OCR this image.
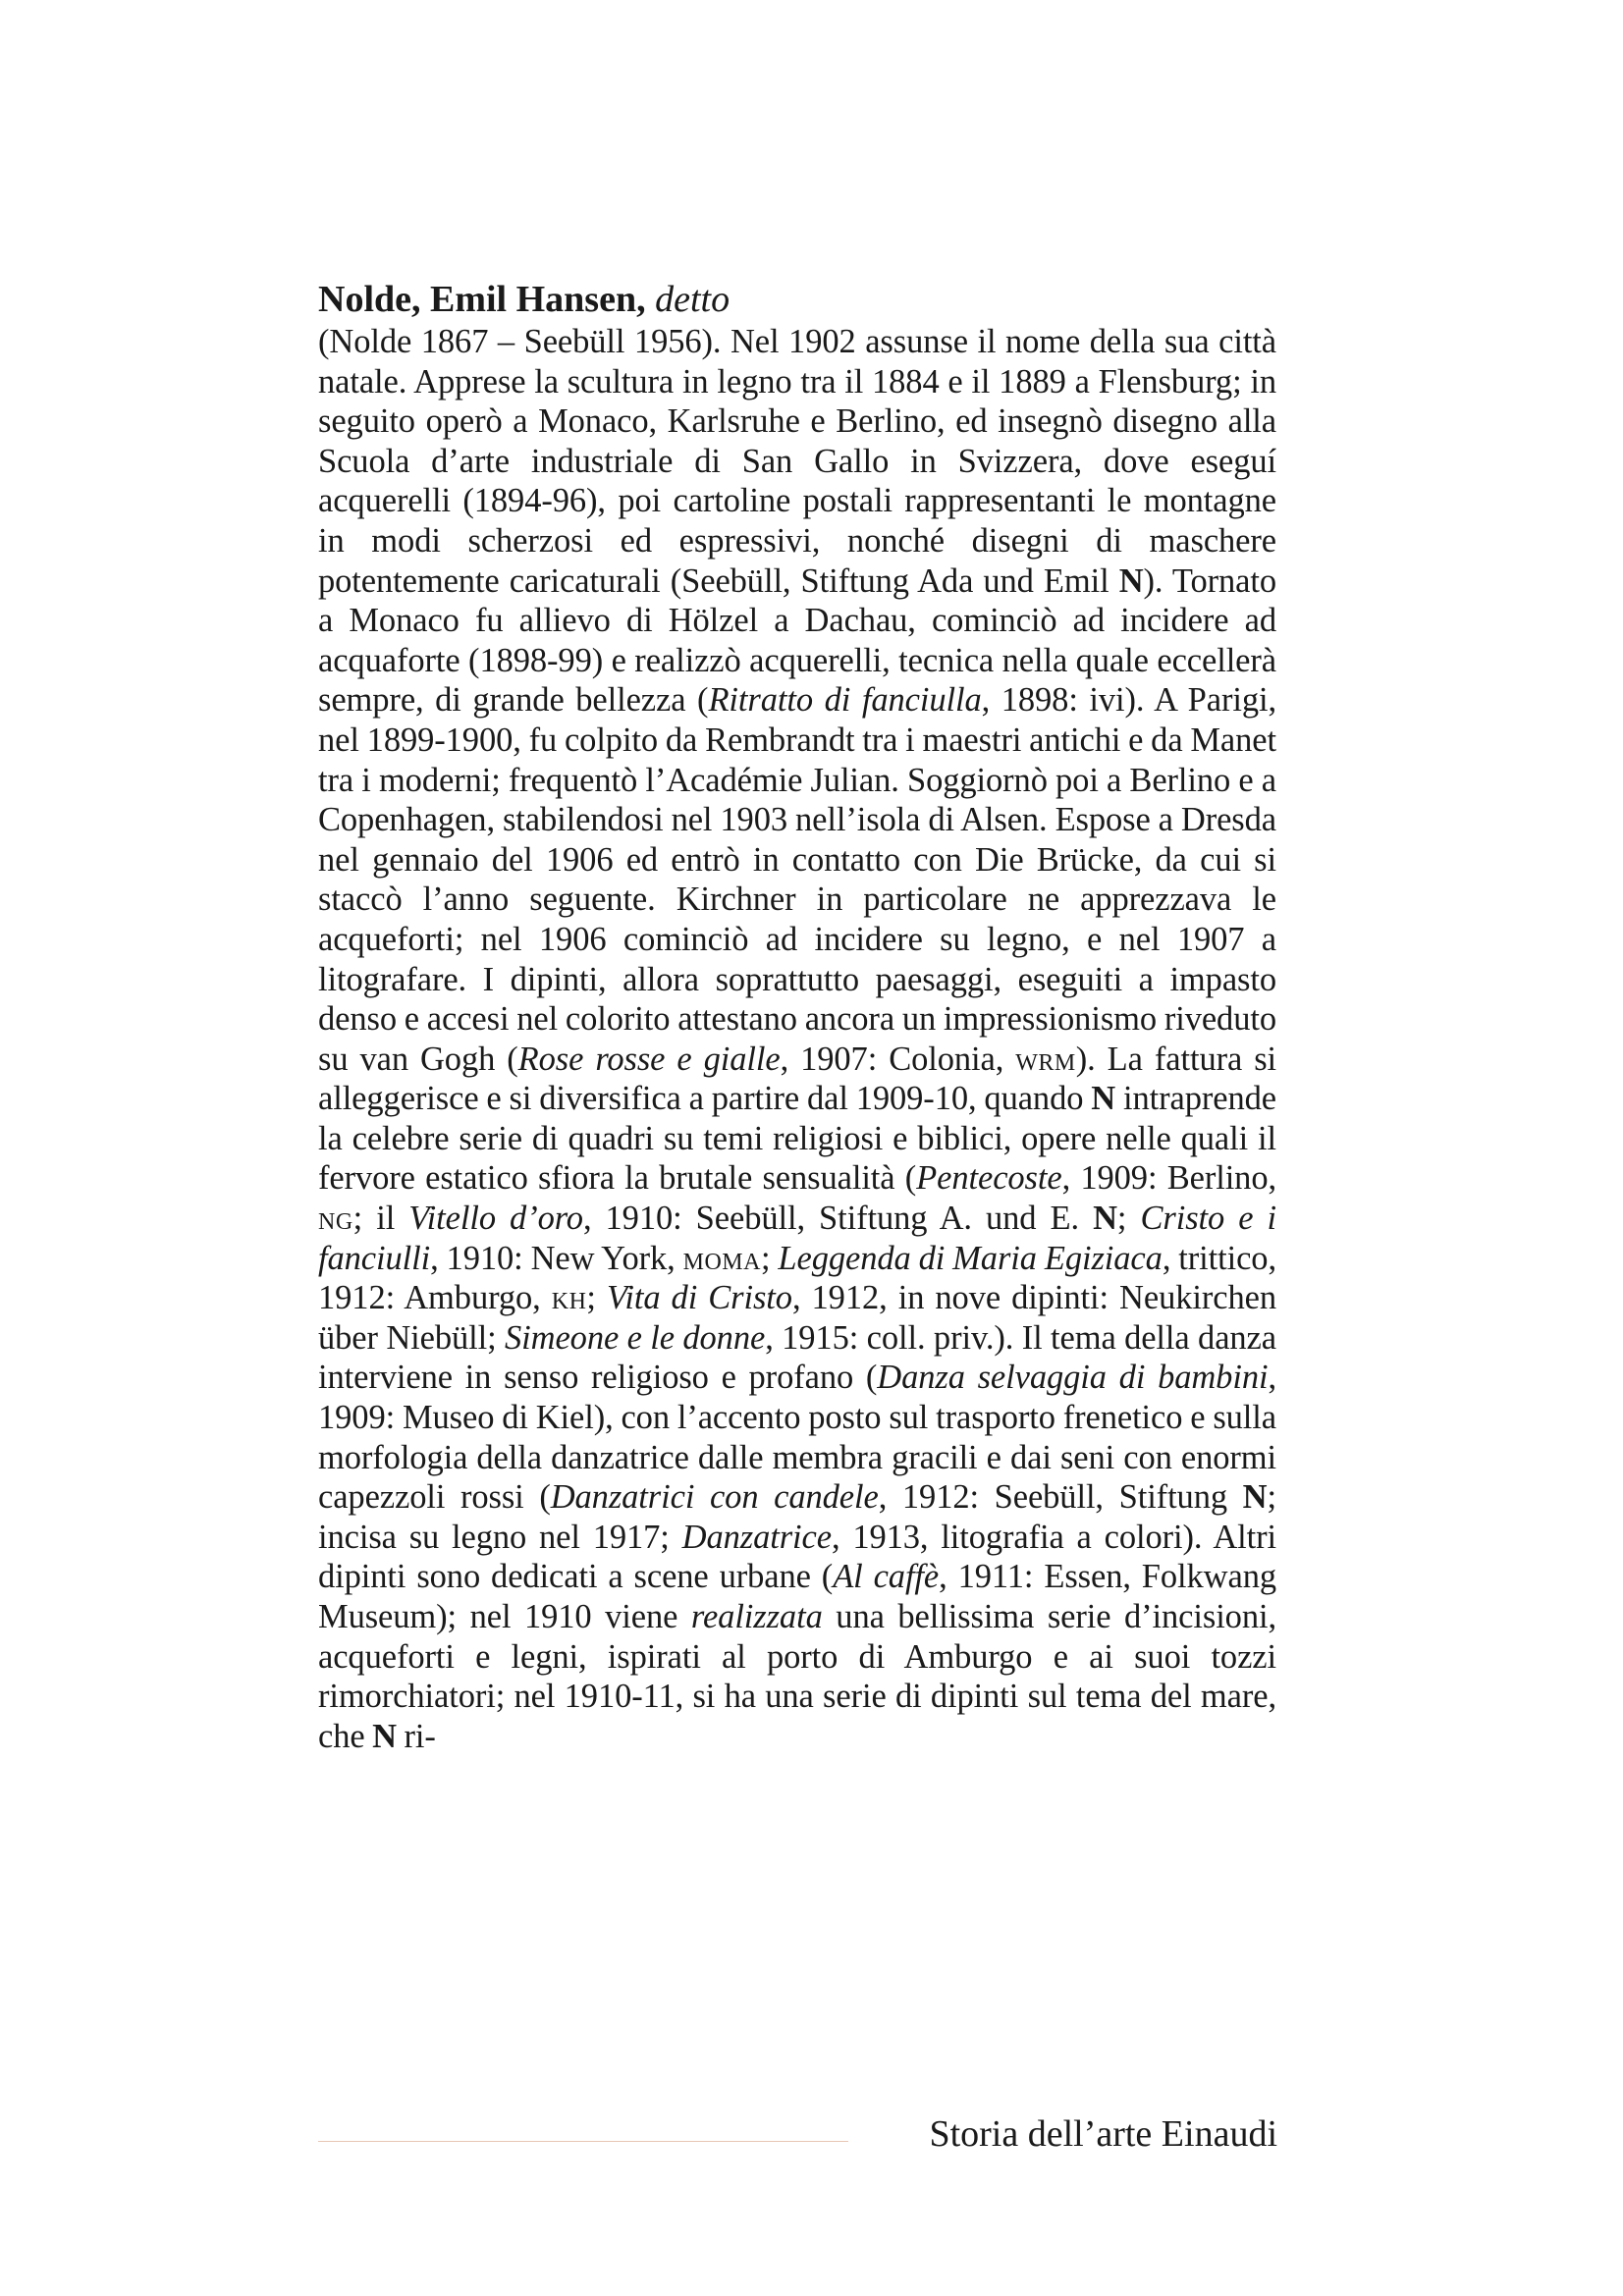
Nolde, Emil Hansen, detto

(Nolde 1867 – Seebüll 1956). Nel 1902 assunse il nome della sua città natale. Apprese la scultura in legno tra il 1884 e il 1889 a Flensburg; in seguito operò a Monaco, Karlsruhe e Berlino, ed insegnò disegno alla Scuola d’arte industriale di San Gallo in Svizzera, dove eseguí acquerelli (1894-96), poi cartoline postali rappresentanti le montagne in modi scherzosi ed espressivi, nonché disegni di maschere potentemente caricaturali (Seebüll, Stiftung Ada und Emil N). Tornato a Monaco fu allievo di Hölzel a Dachau, cominciò ad incidere ad acquaforte (1898-99) e realizzò acquerelli, tecnica nella quale eccellerà sempre, di grande bellezza (Ritratto di fanciulla, 1898: ivi). A Parigi, nel 1899-1900, fu colpito da Rembrandt tra i maestri antichi e da Manet tra i moderni; frequentò l’Académie Julian. Soggiornò poi a Berlino e a Copenhagen, stabilendosi nel 1903 nell’isola di Alsen. Espose a Dresda nel gennaio del 1906 ed entrò in contatto con Die Brücke, da cui si staccò l’anno seguente. Kirchner in particolare ne apprezzava le acqueforti; nel 1906 cominciò ad incidere su legno, e nel 1907 a litografare. I dipinti, allora soprattutto paesaggi, eseguiti a impasto denso e accesi nel colorito attestano ancora un impressionismo riveduto su van Gogh (Rose rosse e gialle, 1907: Colonia, wrm). La fattura si alleggerisce e si diversifica a partire dal 1909-10, quando N intraprende la celebre serie di quadri su temi religiosi e biblici, opere nelle quali il fervore estatico sfiora la brutale sensualità (Pentecoste, 1909: Berlino, ng; il Vitello d’oro, 1910: Seebüll, Stiftung A. und E. N; Cristo e i fanciulli, 1910: New York, moma; Leggenda di Maria Egiziaca, trittico, 1912: Amburgo, kh; Vita di Cristo, 1912, in nove dipinti: Neukirchen über Niebüll; Simeone e le donne, 1915: coll. priv.). Il tema della danza interviene in senso religioso e profano (Danza selvaggia di bambini, 1909: Museo di Kiel), con l’accento posto sul trasporto frenetico e sulla morfologia della danzatrice dalle membra gracili e dai seni con enormi capezzoli rossi (Danzatrici con candele, 1912: Seebüll, Stiftung N; incisa su legno nel 1917; Danzatrice, 1913, litografia a colori). Altri dipinti sono dedicati a scene urbane (Al caffè, 1911: Essen, Folkwang Museum); nel 1910 viene realizzata una bellissima serie d’incisioni, acqueforti e legni, ispirati al porto di Amburgo e ai suoi tozzi rimorchiatori; nel 1910-11, si ha una serie di dipinti sul tema del mare, che N ri-

Storia dell’arte Einaudi
